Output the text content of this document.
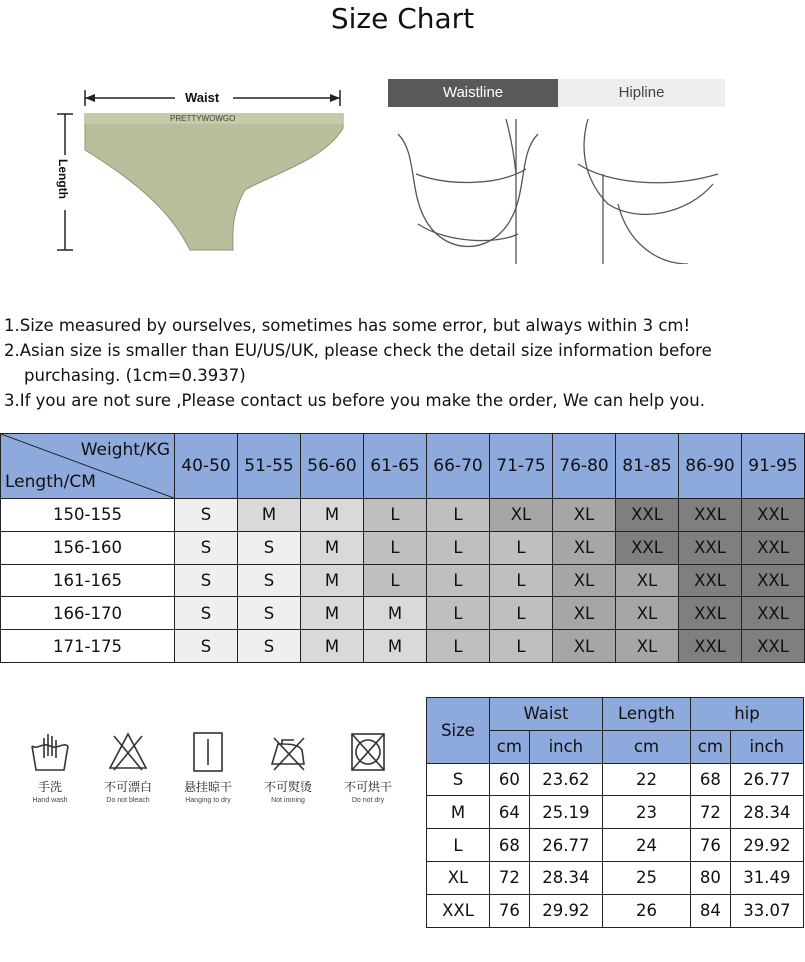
Size Chart
Waist
PRETTYWOWGO
Length
Waistline	Hipline
1.Size measured by ourselves, sometimes has some error, but always within 3 cm!
2.Asian size is smaller than EU/US/UK, please check the detail size information before
purchasing. (1cm=0.3937)
3.If you are not sure ,Please contact us before you make the order, We can help you.
Weight/KG
Length/CM	40-50	51-55	56-60	61-65	66-70	71-75	76-80	81-85	86-90	91-95
150-155	S	M	M	L	L	XL	XL	XXL	XXL	XXL
156-160	S	S	M	L	L	L	XL	XXL	XXL	XXL
161-165	S	S	M	L	L	L	XL	XL	XXL	XXL
166-170	S	S	M	M	L	L	XL	XL	XXL	XXL
171-175	S	S	M	M	L	L	XL	XL	XXL	XXL
手洗
Hand wash
不可漂白
Do not bleach
悬挂晾干
Hanging to dry
不可熨烫
Not ironing
不可烘干
Do not dry
Size	Waist		Length	hip	
	cm	inch	cm	cm	inch
S	60	23.62	22	68	26.77
M	64	25.19	23	72	28.34
L	68	26.77	24	76	29.92
XL	72	28.34	25	80	31.49
XXL	76	29.92	26	84	33.07
